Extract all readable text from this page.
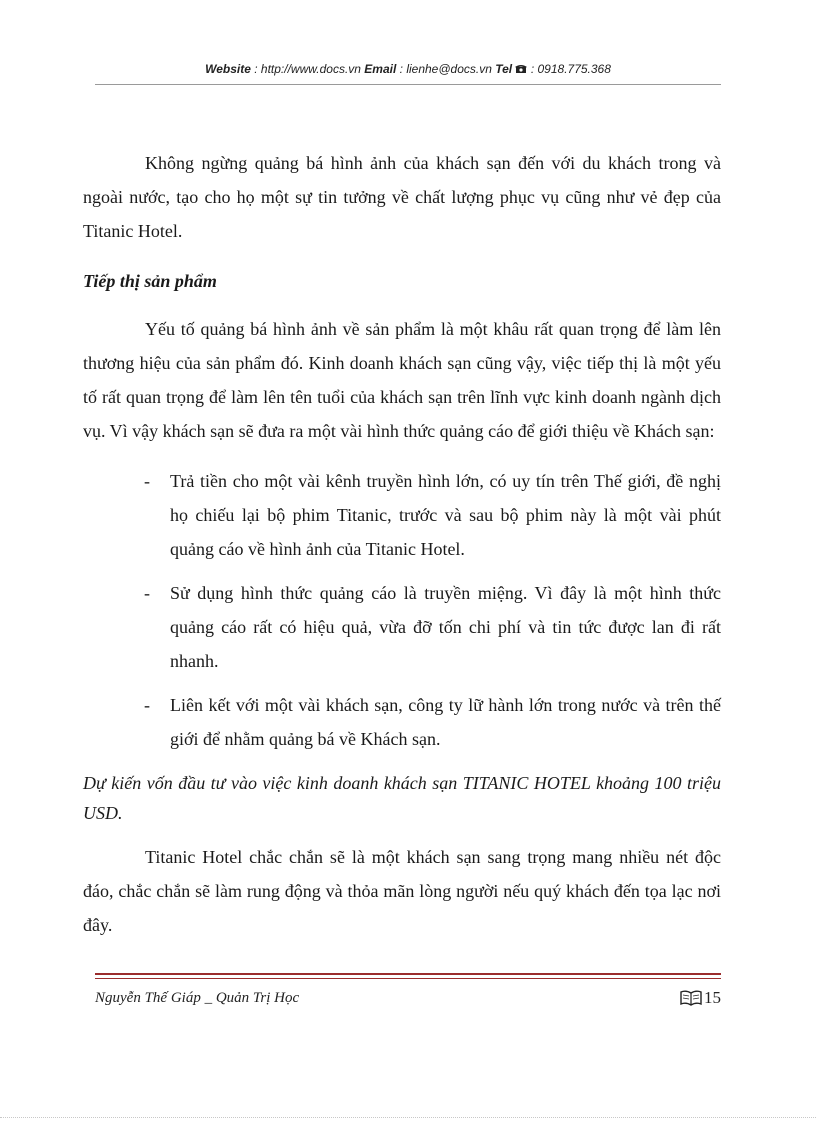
Website : http://www.docs.vn Email : lienhe@docs.vn Tel : 0918.775.368

Không ngừng quảng bá hình ảnh của khách sạn đến với du khách trong và ngoài nước, tạo cho họ một sự tin tưởng về chất lượng phục vụ cũng như vẻ đẹp của Titanic Hotel.

Tiếp thị sản phẩm

Yếu tố quảng bá hình ảnh về sản phẩm là một khâu rất quan trọng để làm lên thương hiệu của sản phẩm đó. Kinh doanh khách sạn cũng vậy, việc tiếp thị là một yếu tố rất quan trọng để làm lên tên tuổi của khách sạn trên lĩnh vực kinh doanh ngành dịch vụ. Vì vậy khách sạn sẽ đưa ra một vài hình thức quảng cáo để giới thiệu về Khách sạn:

- Trả tiền cho một vài kênh truyền hình lớn, có uy tín trên Thế giới, đề nghị họ chiếu lại bộ phim Titanic, trước và sau bộ phim này là một vài phút quảng cáo về hình ảnh của Titanic Hotel.
- Sử dụng hình thức quảng cáo là truyền miệng. Vì đây là một hình thức quảng cáo rất có hiệu quả, vừa đỡ tốn chi phí và tin tức được lan đi rất nhanh.
- Liên kết với một vài khách sạn, công ty lữ hành lớn trong nước và trên thế giới để nhằm quảng bá về Khách sạn.

Dự kiến vốn đầu tư vào việc kinh doanh khách sạn TITANIC HOTEL khoảng 100 triệu USD.

Titanic Hotel chắc chắn sẽ là một khách sạn sang trọng mang nhiều nét độc đáo, chắc chắn sẽ làm rung động và thỏa mãn lòng người nếu quý khách đến tọa lạc nơi đây.

Nguyễn Thế Giáp _ Quản Trị Học	15
